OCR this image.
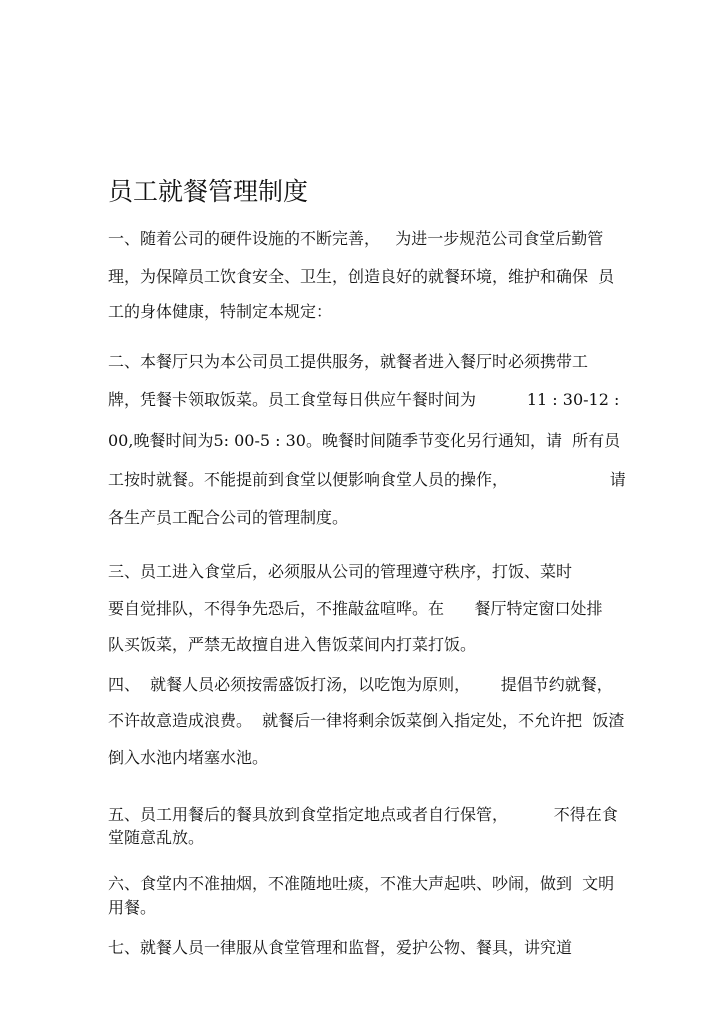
员工就餐管理制度
一、随着公司的硬件设施的不断完善，   为进一步规范公司食堂后勤管
理，为保障员工饮食安全、卫生，创造良好的就餐环境，维护和确保  员
工的身体健康，特制定本规定：
二、本餐厅只为本公司员工提供服务，就餐者进入餐厅时必须携带工
牌，凭餐卡领取饭菜。员工食堂每日供应午餐时间为          11 : 30-12 :
00,晚餐时间为5: 00-5 : 30。晚餐时间随季节变化另行通知，请  所有员
工按时就餐。不能提前到食堂以便影响食堂人员的操作，                    请
各生产员工配合公司的管理制度。
三、员工进入食堂后，必须服从公司的管理遵守秩序，打饭、菜时
要自觉排队，不得争先恐后，不推敲盆喧哗。在      餐厅特定窗口处排
队买饭菜，严禁无故擅自进入售饭菜间内打菜打饭。
四、  就餐人员必须按需盛饭打汤，以吃饱为原则，      提倡节约就餐，
不许故意造成浪费。  就餐后一律将剩余饭菜倒入指定处，不允许把  饭渣
倒入水池内堵塞水池。
五、员工用餐后的餐具放到食堂指定地点或者自行保管，         不得在食
堂随意乱放。
六、食堂内不准抽烟，不准随地吐痰，不准大声起哄、吵闹，做到  文明
用餐。
七、就餐人员一律服从食堂管理和监督，爱护公物、餐具，讲究道
